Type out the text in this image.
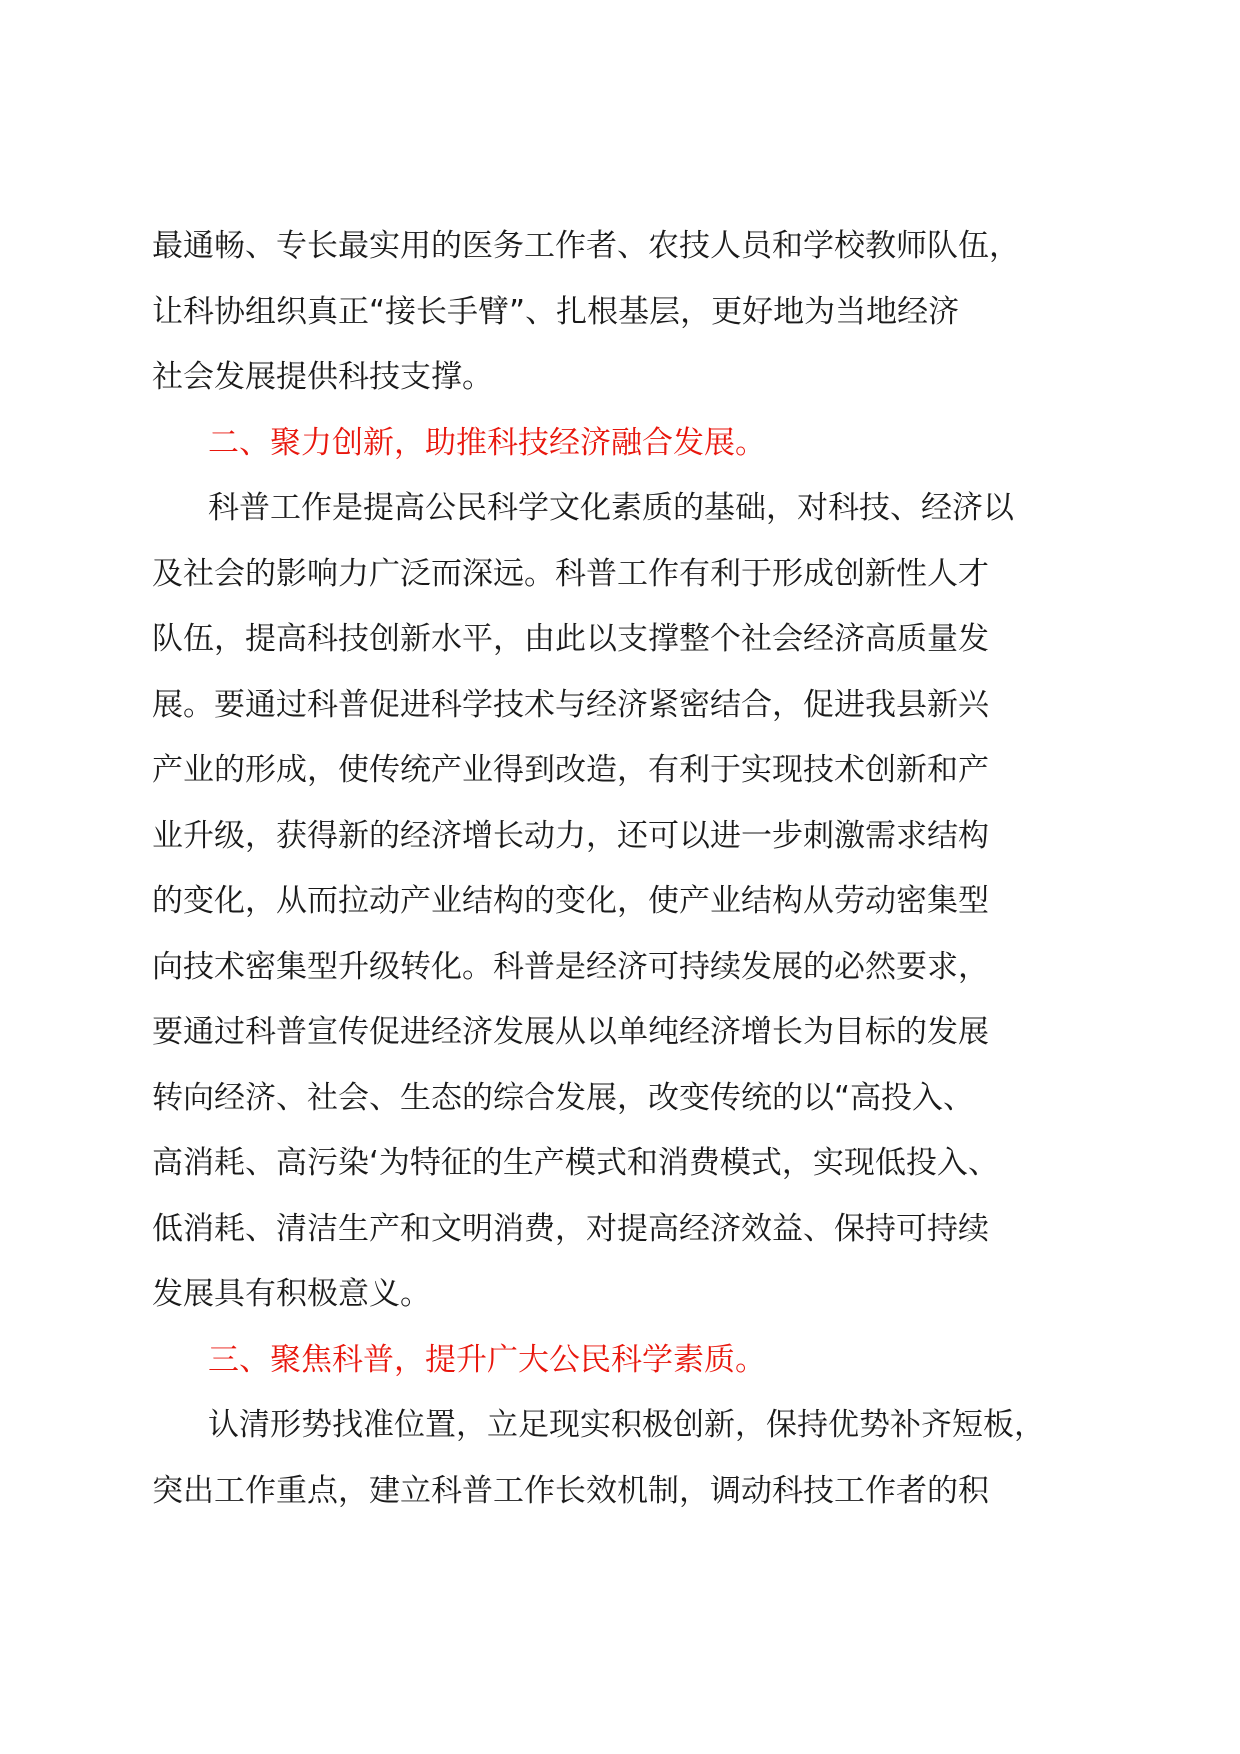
最通畅、专长最实用的医务工作者、农技人员和学校教师队伍，
让科协组织真正“接长手臂”、扎根基层，更好地为当地经济
社会发展提供科技支撑。
二、聚力创新，助推科技经济融合发展。
科普工作是提高公民科学文化素质的基础，对科技、经济以
及社会的影响力广泛而深远。科普工作有利于形成创新性人才
队伍，提高科技创新水平，由此以支撑整个社会经济高质量发
展。要通过科普促进科学技术与经济紧密结合，促进我县新兴
产业的形成，使传统产业得到改造，有利于实现技术创新和产
业升级，获得新的经济增长动力，还可以进一步刺激需求结构
的变化，从而拉动产业结构的变化，使产业结构从劳动密集型
向技术密集型升级转化。科普是经济可持续发展的必然要求，
要通过科普宣传促进经济发展从以单纯经济增长为目标的发展
转向经济、社会、生态的综合发展，改变传统的以“高投入、
高消耗、高污染‘为特征的生产模式和消费模式，实现低投入、
低消耗、清洁生产和文明消费，对提高经济效益、保持可持续
发展具有积极意义。
三、聚焦科普，提升广大公民科学素质。
认清形势找准位置，立足现实积极创新，保持优势补齐短板，
突出工作重点，建立科普工作长效机制，调动科技工作者的积
